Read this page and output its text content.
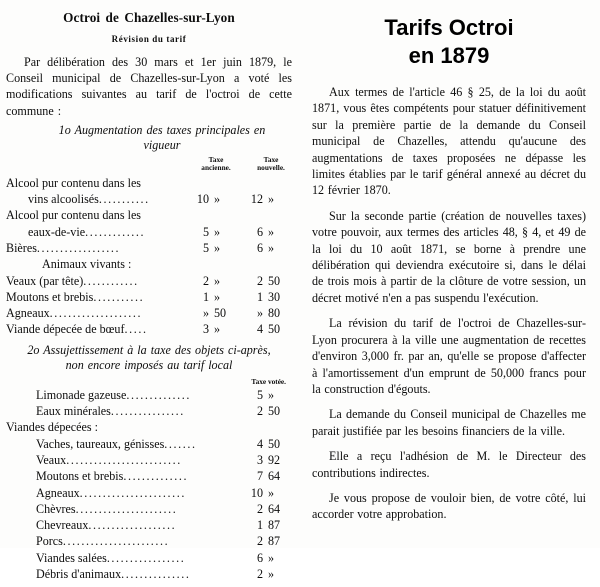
Octroi de Chazelles-sur-Lyon
Révision du tarif

Par délibération des 30 mars et 1er juin 1879, le Conseil municipal de Chazelles-sur-Lyon a voté les modifications suivantes au tarif de l'octroi de cette commune :

1o Augmentation des taxes principales en
vigueur
Taxe
ancienne.
Taxe
nouvelle.
Alcool pur contenu dans les
vins alcoolisés...........	10 »	12 »
Alcool pur contenu dans les
eaux-de-vie.............	5 »	6 »
Bières..................	5 »	6 »
Animaux vivants :
Veaux (par tête)............	2 »	2 50
Moutons et brebis...........	1 »	1 30
Agneaux....................	» 50	» 80
Viande dépecée de bœuf.....	3 »	4 50
2o Assujettissement à la taxe des objets ci-après,
non encore imposés au tarif local
Taxe votée.
Limonade gazeuse..............	5 »
Eaux minérales................	2 50
Viandes dépecées :
Vaches, taureaux, génisses.......	4 50
Veaux.........................	3 92
Moutons et brebis..............	7 64
Agneaux.......................	10 »
Chèvres......................	2 64
Chevreaux...................	1 87
Porcs.......................	2 87
Viandes salées.................	6 »
Débris d'animaux...............	2 »
Tarifs Octroi
en 1879

Aux termes de l'article 46 § 25, de la loi du août 1871, vous êtes compétents pour statuer définitivement sur la première partie de la demande du Conseil municipal de Chazelles, attendu qu'aucune des augmentations de taxes proposées ne dépasse les limites établies par le tarif général annexé au décret du 12 février 1870.

Sur la seconde partie (création de nouvelles taxes) votre pouvoir, aux termes des articles 48, § 4, et 49 de la loi du 10 août 1871, se borne à prendre une délibération qui deviendra exécutoire si, dans le délai de trois mois à partir de la clôture de votre session, un décret motivé n'en a pas suspendu l'exécution.

La révision du tarif de l'octroi de Chazelles-sur-Lyon procurera à la ville une augmentation de recettes d'environ 3,000 fr. par an, qu'elle se propose d'affecter à l'amortissement d'un emprunt de 50,000 francs pour la construction d'égouts.

La demande du Conseil municipal de Chazelles me parait justifiée par les besoins financiers de la ville.

Elle a reçu l'adhésion de M. le Directeur des contributions indirectes.

Je vous propose de vouloir bien, de votre côté, lui accorder votre approbation.
